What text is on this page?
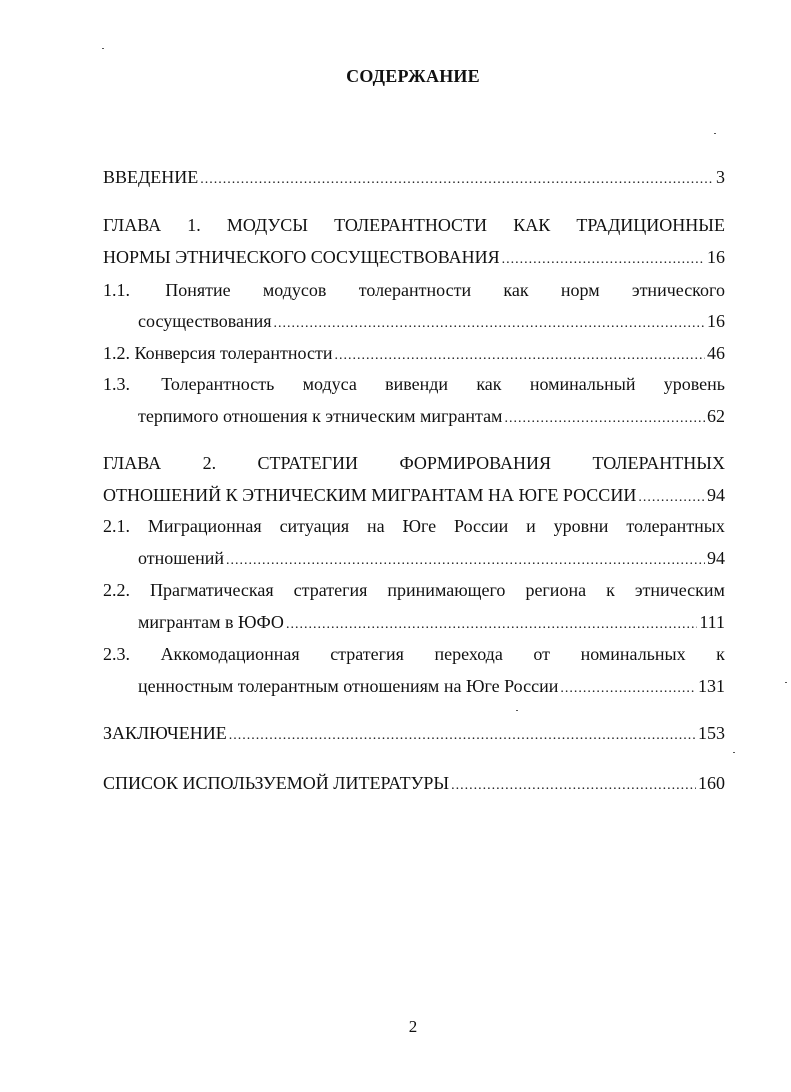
СОДЕРЖАНИЕ
ВВЕДЕНИЕ .....	3
ГЛАВА 1. МОДУСЫ ТОЛЕРАНТНОСТИ КАК ТРАДИЦИОННЫЕ
НОРМЫ ЭТНИЧЕСКОГО СОСУЩЕСТВОВАНИЯ .....	16
1.1. Понятие модусов толерантности как норм этнического
сосуществования .....	16
1.2. Конверсия толерантности .....	46
1.3. Толерантность модуса вивенди как номинальный уровень
терпимого отношения к этническим мигрантам .....	62
ГЛАВА 2. СТРАТЕГИИ ФОРМИРОВАНИЯ ТОЛЕРАНТНЫХ
ОТНОШЕНИЙ К ЭТНИЧЕСКИМ МИГРАНТАМ НА ЮГЕ РОССИИ .....	94
2.1. Миграционная ситуация на Юге России и уровни толерантных
отношений .....	94
2.2. Прагматическая стратегия принимающего региона к этническим
мигрантам в ЮФО .....	111
2.3. Аккомодационная стратегия перехода от номинальных к
ценностным толерантным отношениям на Юге России .....	131
ЗАКЛЮЧЕНИЕ .....	153
СПИСОК ИСПОЛЬЗУЕМОЙ ЛИТЕРАТУРЫ .....	160
2
